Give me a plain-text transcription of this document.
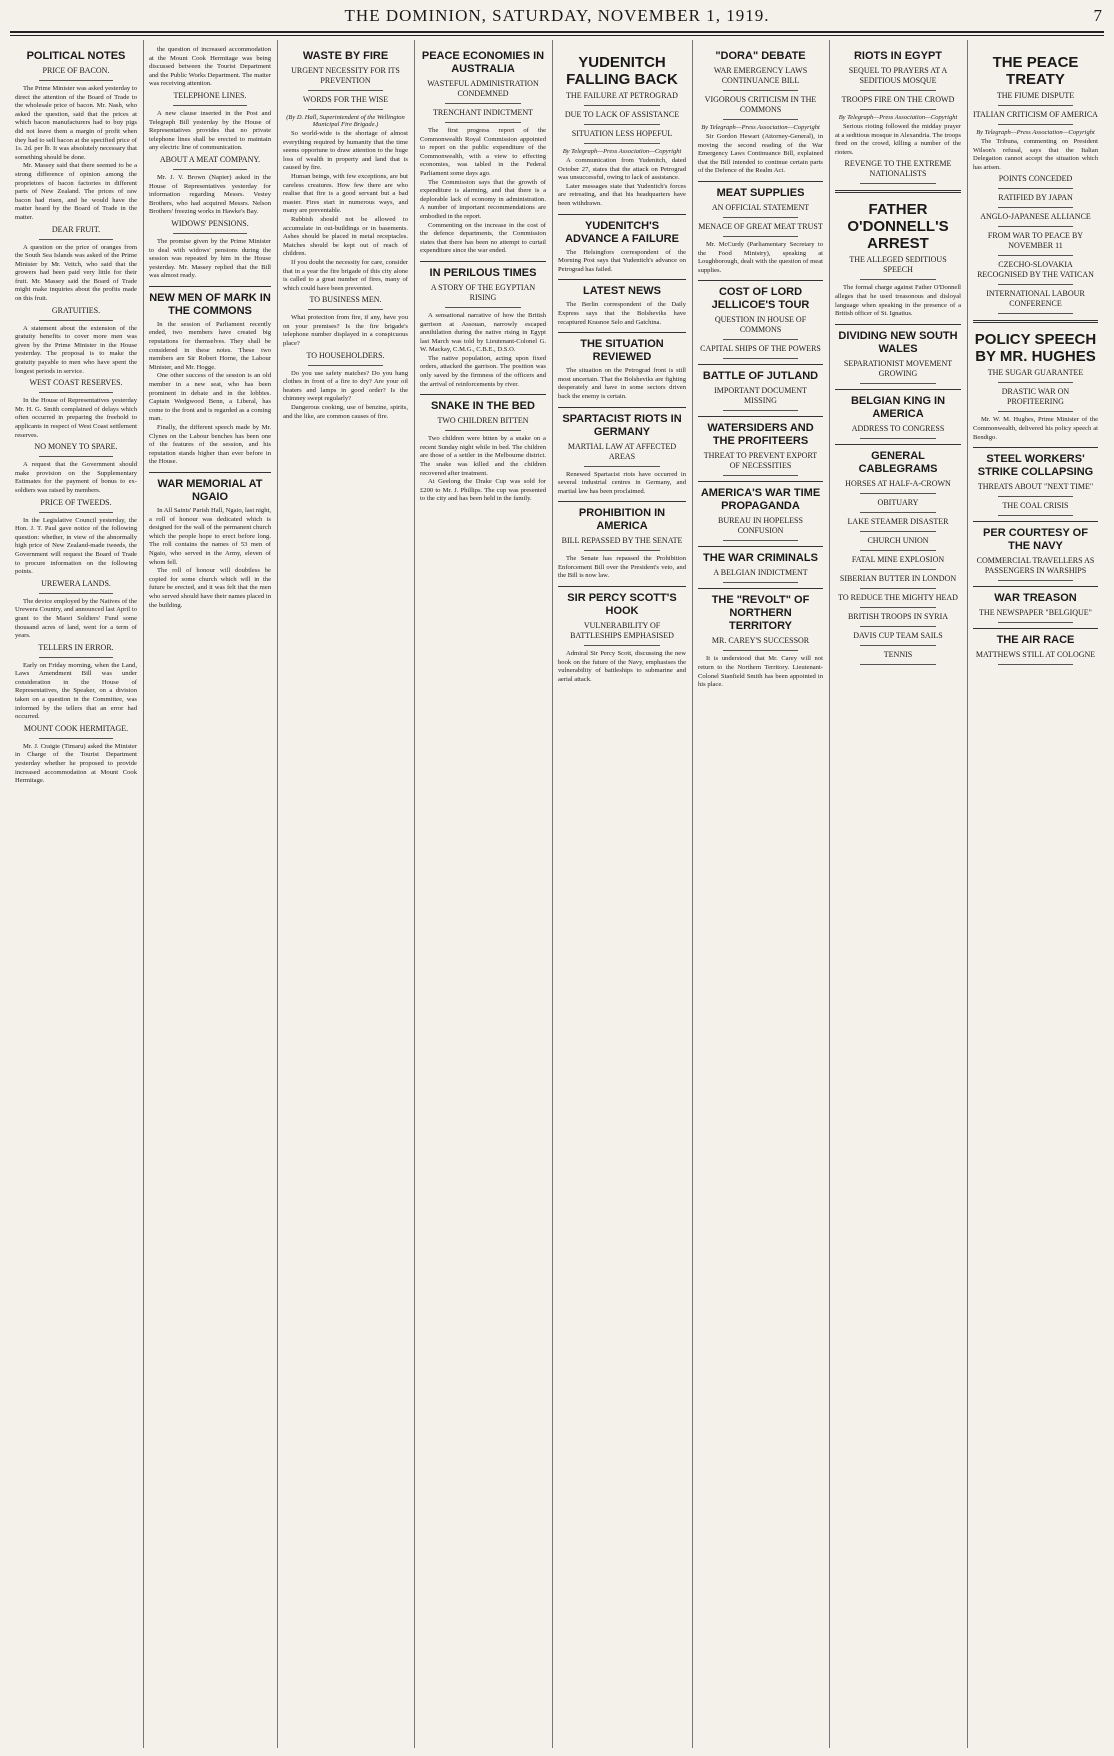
THE DOMINION, SATURDAY, NOVEMBER 1, 1919.	7
POLITICAL NOTES
PRICE OF BACON.

The Prime Minister was asked yesterday to direct the attention of the Board of Trade to the wholesale price of bacon. Mr. Nash, who asked the question, said that the prices at which bacon manufacturers had to buy pigs did not leave them a margin of profit when they had to sell bacon at the specified price of 1s. 2d. per lb. It was absolutely necessary that something should be done.

Mr. Massey said that there seemed to be a strong difference of opinion among the proprietors of bacon factories in different parts of New Zealand. The prices of raw bacon had risen, and he would have the matter heard by the Board of Trade in the matter.

DEAR FRUIT.

A question on the price of oranges from the South Sea Islands was asked of the Prime Minister by Mr. Veitch, who said that the growers had been paid very little for their fruit. Mr. Massey said the Board of Trade might make inquiries about the profits made on this fruit.

GRATUITIES.

A statement about the extension of the gratuity benefits to cover more men was given by the Prime Minister in the House yesterday. The proposal is to make the gratuity payable to men who have spent the longest periods in service.

WEST COAST RESERVES.

In the House of Representatives yesterday Mr. H. G. Smith complained of delays which often occurred in preparing the freehold to applicants in respect of West Coast settlement reserves.

NO MONEY TO SPARE.

A request that the Government should make provision on the Supplementary Estimates for the payment of bonus to ex-soldiers was raised by members.

PRICE OF TWEEDS.

In the Legislative Council yesterday, the Hon. J. T. Paul gave notice of the following question: whether, in view of the abnormally high price of New Zealand-made tweeds, the Government will request the Board of Trade to procure information on the following points.

UREWERA LANDS.

The device employed by the Natives of the Urewera Country, and announced last April to grant to the Maori Soldiers' Fund some thousand acres of land, went for a term of years.

TELLERS IN ERROR.

Early on Friday morning, when the Land, Laws Amendment Bill was under consideration in the House of Representatives, the Speaker, on a division taken on a question in the Committee, was informed by the tellers that an error had occurred.

MOUNT COOK HERMITAGE.

Mr. J. Craigie (Timaru) asked the Minister in Charge of the Tourist Department yesterday whether he proposed to provide increased accommodation at Mount Cook Hermitage.

the question of increased accommodation at the Mount Cook Hermitage was being discussed between the Tourist Department and the Public Works Department. The matter was receiving attention.

TELEPHONE LINES.

A new clause inserted in the Post and Telegraph Bill yesterday by the House of Representatives provides that no private telephone lines shall be erected to maintain any electric line of communication.

ABOUT A MEAT COMPANY.

Mr. J. V. Brown (Napier) asked in the House of Representatives yesterday for information regarding Messrs. Vestey Brothers, who had acquired Messrs. Nelson Brothers' freezing works in Hawke's Bay.

WIDOWS' PENSIONS.

The promise given by the Prime Minister to deal with widows' pensions during the session was repeated by him in the House yesterday. Mr. Massey replied that the Bill was almost ready.

NEW MEN OF MARK IN THE COMMONS

In the session of Parliament recently ended, two members have created big reputations for themselves. They shall be considered in these notes. These two members are Sir Robert Horne, the Labour Minister, and Mr. Hogge.

One other success of the session is an old member in a new seat, who has been prominent in debate and in the lobbies. Captain Wedgwood Benn, a Liberal, has come to the front and is regarded as a coming man.

Finally, the different speech made by Mr. Clynes on the Labour benches has been one of the features of the session, and his reputation stands higher than ever before in the House.

WAR MEMORIAL AT NGAIO

In All Saints' Parish Hall, Ngaio, last night, a roll of honour was dedicated which is designed for the wall of the permanent church which the people hope to erect before long. The roll contains the names of 53 men of Ngaio, who served in the Army, eleven of whom fell.

The roll of honour will doubtless be copied for some church which will in the future be erected, and it was felt that the men who served should have their names placed in the building.

WASTE BY FIRE
URGENT NECESSITY FOR ITS PREVENTION
WORDS FOR THE WISE
(By D. Hall, Superintendent of the Wellington Municipal Fire Brigade.)

So world-wide is the shortage of almost everything required by humanity that the time seems opportune to draw attention to the huge loss of wealth in property and land that is caused by fire.

Human beings, with few exceptions, are but careless creatures. How few there are who realise that fire is a good servant but a bad master. Fires start in numerous ways, and many are preventable.

Rubbish should not be allowed to accumulate in out-buildings or in basements. Ashes should be placed in metal receptacles. Matches should be kept out of reach of children.

If you doubt the necessity for care, consider that in a year the fire brigade of this city alone is called to a great number of fires, many of which could have been prevented.

TO BUSINESS MEN.

What protection from fire, if any, have you on your premises? Is the fire brigade's telephone number displayed in a conspicuous place?

TO HOUSEHOLDERS.

Do you use safety matches? Do you hang clothes in front of a fire to dry? Are your oil heaters and lamps in good order? Is the chimney swept regularly?

Dangerous cooking, use of benzine, spirits, and the like, are common causes of fire.

PEACE ECONOMIES IN AUSTRALIA
WASTEFUL ADMINISTRATION CONDEMNED
TRENCHANT INDICTMENT

The first progress report of the Commonwealth Royal Commission appointed to report on the public expenditure of the Commonwealth, with a view to effecting economies, was tabled in the Federal Parliament some days ago.

The Commission says that the growth of expenditure is alarming, and that there is a deplorable lack of economy in administration. A number of important recommendations are embodied in the report.

Commenting on the increase in the cost of the defence departments, the Commission states that there has been no attempt to curtail expenditure since the war ended.

IN PERILOUS TIMES
A STORY OF THE EGYPTIAN RISING

A sensational narrative of how the British garrison at Assouan, narrowly escaped annihilation during the native rising in Egypt last March was told by Lieutenant-Colonel G. W. Mackay, C.M.G., C.B.E., D.S.O.

The native population, acting upon fixed orders, attacked the garrison. The position was only saved by the firmness of the officers and the arrival of reinforcements by river.

SNAKE IN THE BED
TWO CHILDREN BITTEN

Two children were bitten by a snake on a recent Sunday night while in bed. The children are those of a settler in the Melbourne district. The snake was killed and the children recovered after treatment.

At Geelong the Drake Cup was sold for £200 to Mr. J. Phillips. The cup was presented to the city and has been held in the family.

YUDENITCH FALLING BACK
THE FAILURE AT PETROGRAD
DUE TO LACK OF ASSISTANCE
SITUATION LESS HOPEFUL
By Telegraph—Press Association—Copyright

A communication from Yudenitch, dated October 27, states that the attack on Petrograd was unsuccessful, owing to lack of assistance.

Later messages state that Yudenitch's forces are retreating, and that his headquarters have been withdrawn.

YUDENITCH'S ADVANCE A FAILURE

The Helsingfors correspondent of the Morning Post says that Yudenitch's advance on Petrograd has failed.

LATEST NEWS

The Berlin correspondent of the Daily Express says that the Bolsheviks have recaptured Krasnoe Selo and Gatchina.

THE SITUATION REVIEWED

The situation on the Petrograd front is still most uncertain. That the Bolsheviks are fighting desperately and have in some sectors driven back the enemy is certain.

SPARTACIST RIOTS IN GERMANY
MARTIAL LAW AT AFFECTED AREAS

Renewed Spartacist riots have occurred in several industrial centres in Germany, and martial law has been proclaimed.

PROHIBITION IN AMERICA
BILL REPASSED BY THE SENATE

The Senate has repassed the Prohibition Enforcement Bill over the President's veto, and the Bill is now law.

SIR PERCY SCOTT'S HOOK
VULNERABILITY OF BATTLESHIPS EMPHASISED

Admiral Sir Percy Scott, discussing the new book on the future of the Navy, emphasises the vulnerability of battleships to submarine and aerial attack.

"DORA" DEBATE
WAR EMERGENCY LAWS CONTINUANCE BILL
VIGOROUS CRITICISM IN THE COMMONS
By Telegraph—Press Association—Copyright

Sir Gordon Hewart (Attorney-General), in moving the second reading of the War Emergency Laws Continuance Bill, explained that the Bill intended to continue certain parts of the Defence of the Realm Act.

MEAT SUPPLIES
AN OFFICIAL STATEMENT
MENACE OF GREAT MEAT TRUST

Mr. McCurdy (Parliamentary Secretary to the Food Ministry), speaking at Loughborough, dealt with the question of meat supplies.

COST OF LORD JELLICOE'S TOUR
QUESTION IN HOUSE OF COMMONS
CAPITAL SHIPS OF THE POWERS
BATTLE OF JUTLAND
IMPORTANT DOCUMENT MISSING
WATERSIDERS AND THE PROFITEERS
THREAT TO PREVENT EXPORT OF NECESSITIES
AMERICA'S WAR TIME PROPAGANDA
BUREAU IN HOPELESS CONFUSION
THE WAR CRIMINALS
A BELGIAN INDICTMENT
THE "REVOLT" OF NORTHERN TERRITORY
MR. CAREY'S SUCCESSOR

It is understood that Mr. Carey will not return to the Northern Territory. Lieutenant-Colonel Stanfield Smith has been appointed in his place.

RIOTS IN EGYPT
SEQUEL TO PRAYERS AT A SEDITIOUS MOSQUE
TROOPS FIRE ON THE CROWD
By Telegraph—Press Association—Copyright

Serious rioting followed the midday prayer at a seditious mosque in Alexandria. The troops fired on the crowd, killing a number of the rioters.

REVENGE TO THE EXTREME NATIONALISTS
FATHER O'DONNELL'S ARREST
THE ALLEGED SEDITIOUS SPEECH

The formal charge against Father O'Donnell alleges that he used treasonous and disloyal language when speaking in the presence of a British officer of St. Ignatius.

DIVIDING NEW SOUTH WALES
SEPARATIONIST MOVEMENT GROWING
BELGIAN KING IN AMERICA
ADDRESS TO CONGRESS
GENERAL CABLEGRAMS
HORSES AT HALF-A-CROWN
OBITUARY
LAKE STEAMER DISASTER
CHURCH UNION
FATAL MINE EXPLOSION
SIBERIAN BUTTER IN LONDON
TO REDUCE THE MIGHTY HEAD
BRITISH TROOPS IN SYRIA
DAVIS CUP TEAM SAILS
TENNIS
THE PEACE TREATY
THE FIUME DISPUTE
ITALIAN CRITICISM OF AMERICA
By Telegraph—Press Association—Copyright

The Tribuna, commenting on President Wilson's refusal, says that the Italian Delegation cannot accept the situation which has arisen.

POINTS CONCEDED
RATIFIED BY JAPAN
ANGLO-JAPANESE ALLIANCE
FROM WAR TO PEACE BY NOVEMBER 11
CZECHO-SLOVAKIA RECOGNISED BY THE VATICAN
INTERNATIONAL LABOUR CONFERENCE
POLICY SPEECH BY MR. HUGHES
THE SUGAR GUARANTEE
DRASTIC WAR ON PROFITEERING

Mr. W. M. Hughes, Prime Minister of the Commonwealth, delivered his policy speech at Bendigo.

STEEL WORKERS' STRIKE COLLAPSING
THREATS ABOUT "NEXT TIME"
THE COAL CRISIS
PER COURTESY OF THE NAVY
COMMERCIAL TRAVELLERS AS PASSENGERS IN WARSHIPS
WAR TREASON
THE NEWSPAPER "BELGIQUE"
THE AIR RACE
MATTHEWS STILL AT COLOGNE
